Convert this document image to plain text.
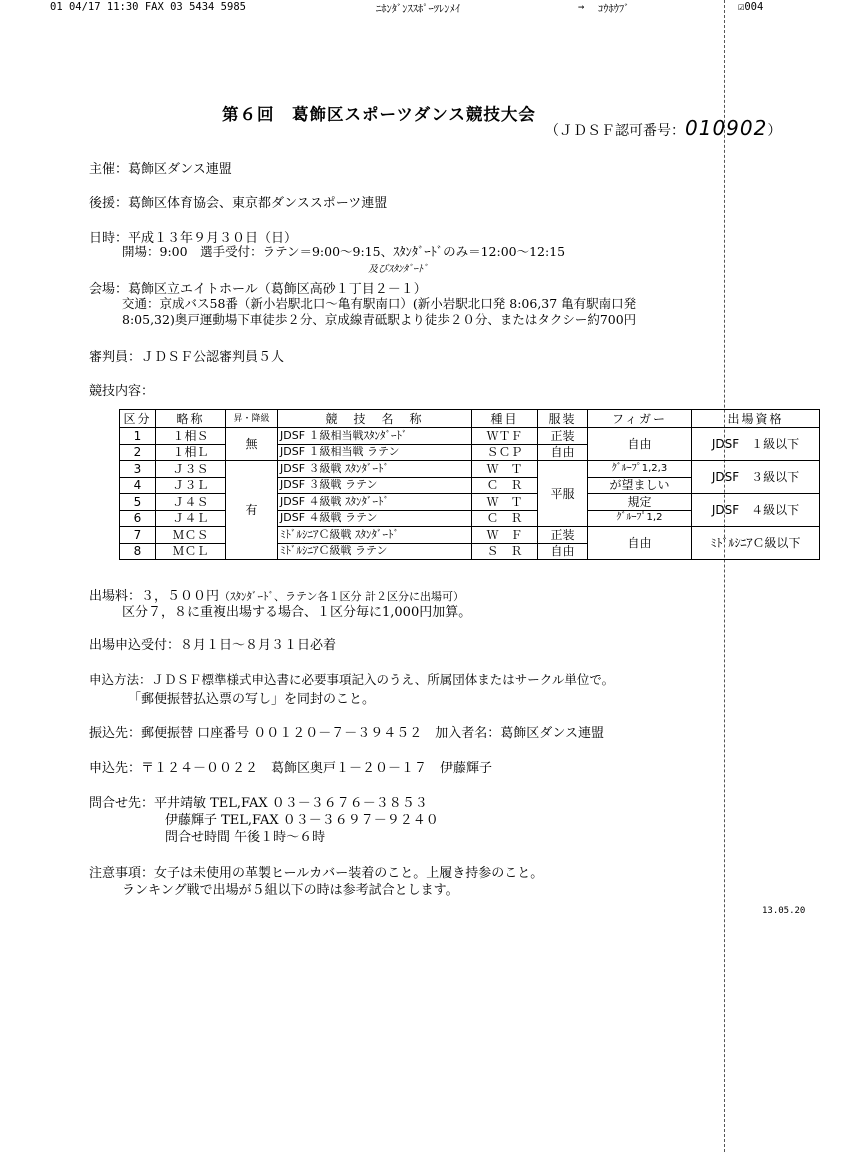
01 04/17 11:30 FAX 03 5434 5985	ﾆﾎﾝﾀﾞﾝｽｽﾎﾟｰﾂﾚﾝﾒｲ	→ ｺｳﾎｳﾌﾞ	☑004
第６回　葛飾区スポーツダンス競技大会
（ＪＤＳＦ認可番号：010902）
主催：葛飾区ダンス連盟
後援：葛飾区体育協会、東京都ダンススポーツ連盟
日時：平成１３年９月３０日（日）
開場：9:00　選手受付：ラテン＝9:00～9:15、ｽﾀﾝﾀﾞｰﾄﾞのみ＝12:00～12:15
及びｽﾀﾝﾀﾞｰﾄﾞ
会場：葛飾区立エイトホール（葛飾区高砂１丁目２－１）
交通：京成バス58番（新小岩駅北口～亀有駅南口）(新小岩駅北口発 8:06,37 亀有駅南口発
8:05,32)奥戸運動場下車徒歩２分、京成線青砥駅より徒歩２０分、またはタクシー約700円
審判員：ＪＤＳＦ公認審判員５人
競技内容：
区分	略称	昇・降級	競　技　名　称	種目	服装	フィガー	出場資格
1	１相Ｓ	無	JDSF １級相当戦ｽﾀﾝﾀﾞｰﾄﾞ	ＷＴＦ	正装	自由	JDSF　１級以下
2	１相Ｌ		JDSF １級相当戦 ラテン	ＳＣＰ	自由		
3	Ｊ３Ｓ	有	JDSF ３級戦 ｽﾀﾝﾀﾞｰﾄﾞ	Ｗ　Ｔ	平服	ｸﾞﾙｰﾌﾟ1,2,3	JDSF　３級以下
4	Ｊ３Ｌ		JDSF ３級戦 ラテン	Ｃ　Ｒ		が望ましい	
5	Ｊ４Ｓ		JDSF ４級戦 ｽﾀﾝﾀﾞｰﾄﾞ	Ｗ　Ｔ		規定	JDSF　４級以下
6	Ｊ４Ｌ		JDSF ４級戦 ラテン	Ｃ　Ｒ		ｸﾞﾙｰﾌﾟ1,2	
7	ＭＣＳ		ﾐﾄﾞﾙｼﾆｱＣ級戦 ｽﾀﾝﾀﾞｰﾄﾞ	Ｗ　Ｆ	正装	自由	ﾐﾄﾞﾙｼﾆｱＣ級以下
8	ＭＣＬ		ﾐﾄﾞﾙｼﾆｱＣ級戦 ラテン	Ｓ　Ｒ	自由		
出場料：３，５００円（ｽﾀﾝﾀﾞｰﾄﾞ、ラテン各１区分 計２区分に出場可）
区分７，８に重複出場する場合、１区分毎に1,000円加算。
出場申込受付：８月１日～８月３１日必着
申込方法：ＪＤＳＦ標準様式申込書に必要事項記入のうえ、所属団体またはサークル単位で。
「郵便振替払込票の写し」を同封のこと。
振込先：郵便振替 口座番号 ００１２０－７－３９４５２　加入者名：葛飾区ダンス連盟
申込先：〒１２４－００２２　葛飾区奥戸１－２０－１７　伊藤輝子
問合せ先：平井靖敏 TEL,FAX ０３－３６７６－３８５３
伊藤輝子 TEL,FAX ０３－３６９７－９２４０
問合せ時間 午後１時～６時
注意事項：女子は未使用の革製ヒールカバー装着のこと。上履き持参のこと。
ランキング戦で出場が５組以下の時は参考試合とします。
13.05.20
